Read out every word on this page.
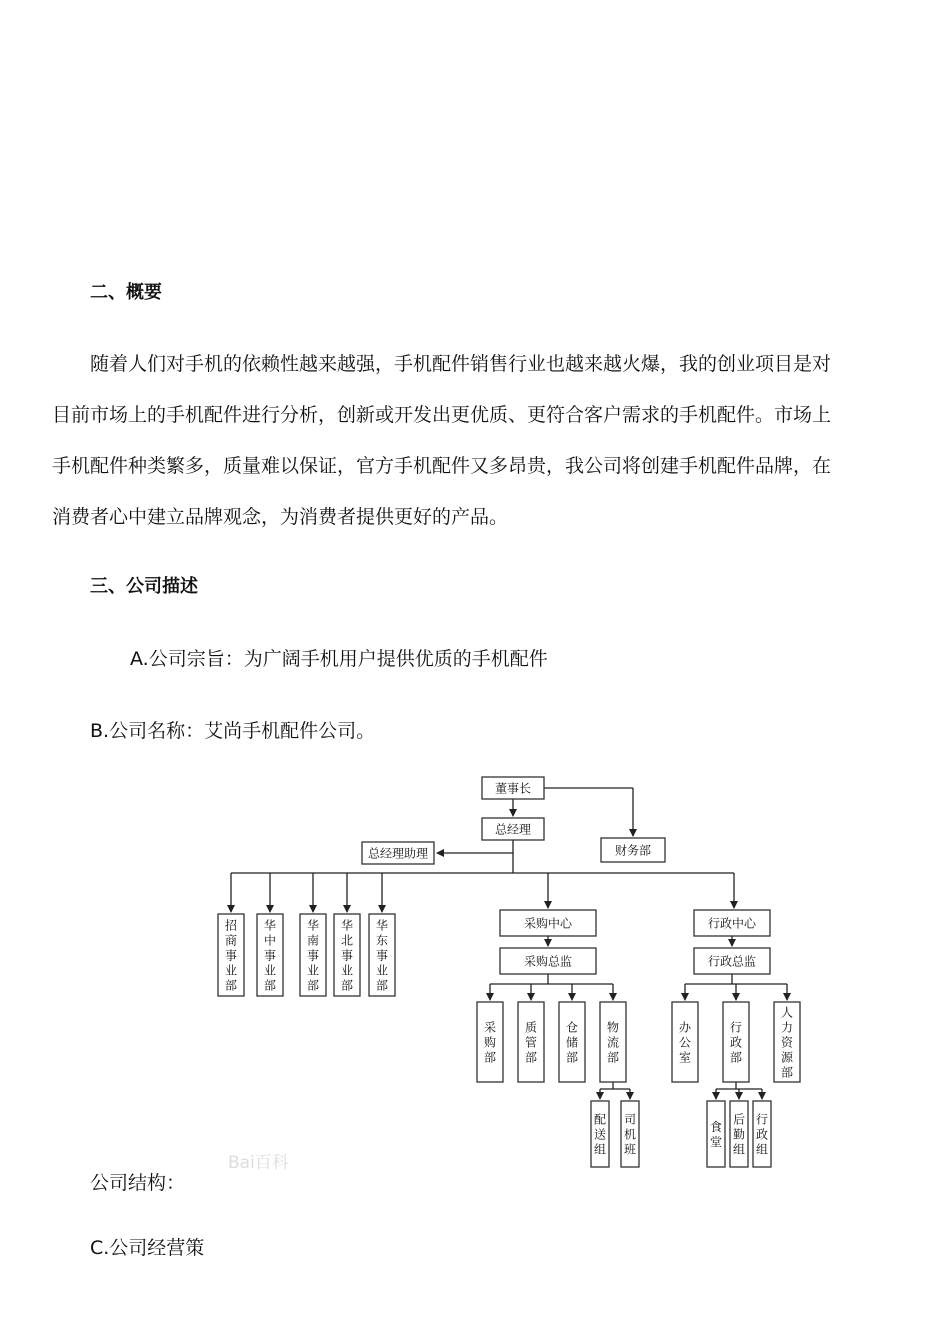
二、概要
随着人们对手机的依赖性越来越强，手机配件销售行业也越来越火爆，我的创业项目是对
目前市场上的手机配件进行分析，创新或开发出更优质、更符合客户需求的手机配件。市场上
手机配件种类繁多，质量难以保证，官方手机配件又多昂贵，我公司将创建手机配件品牌，在
消费者心中建立品牌观念，为消费者提供更好的产品。
三、公司描述
A.公司宗旨：为广阔手机用户提供优质的手机配件
B.公司名称：艾尚手机配件公司。
董事长
总经理
财务部
总经理助理
招商事业部
华中事业部
华南事业部
华北事业部
华东事业部
采购中心
采购总监
采购部
质管部
仓储部
物流部
配送组
司机班
行政中心
行政总监
办公室
行政部
人力资源部
食堂
后勤组
行政组
Bai百科
公司结构：
C.公司经营策
